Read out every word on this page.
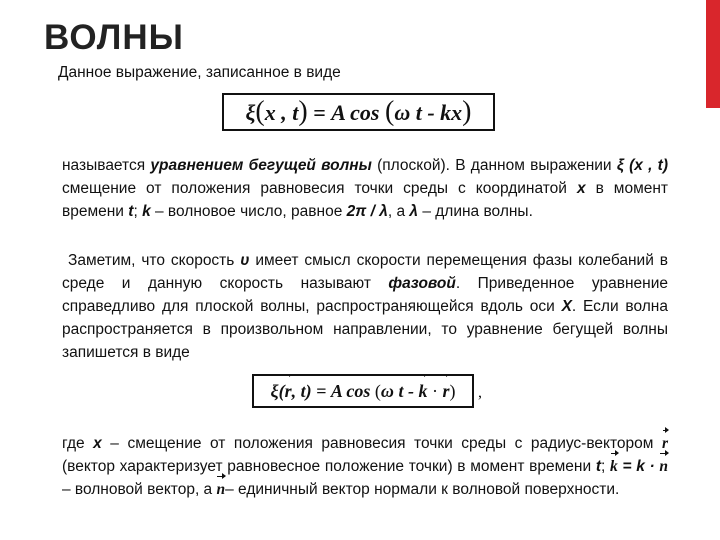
ВОЛНЫ
Данное выражение, записанное в виде
ξ(x , t) = A cos (ω t - kx)

называется уравнением бегущей волны (плоской). В данном выражении ξ (x , t) смещение от положения равновесия точки среды с координатой x в момент времени t; k – волновое число, равное 2π / λ, а λ – длина волны.

Заметим, что скорость υ имеет смысл скорости перемещения фазы колебаний в среде и данную скорость называют фазовой. Приведенное уравнение справедливо для плоской волны, распространяющейся вдоль оси X. Если волна распространяется в произвольном направлении, то уравнение бегущей волны запишется в виде

ξ(r, t) = A cos (ω t - k · r)	,

где x – смещение от положения равновесия точки среды с радиус-вектором r (вектор характеризует равновесное положение точки) в момент времени t; k = k · n – волновой вектор, а n– единичный вектор нормали к волновой поверхности.
